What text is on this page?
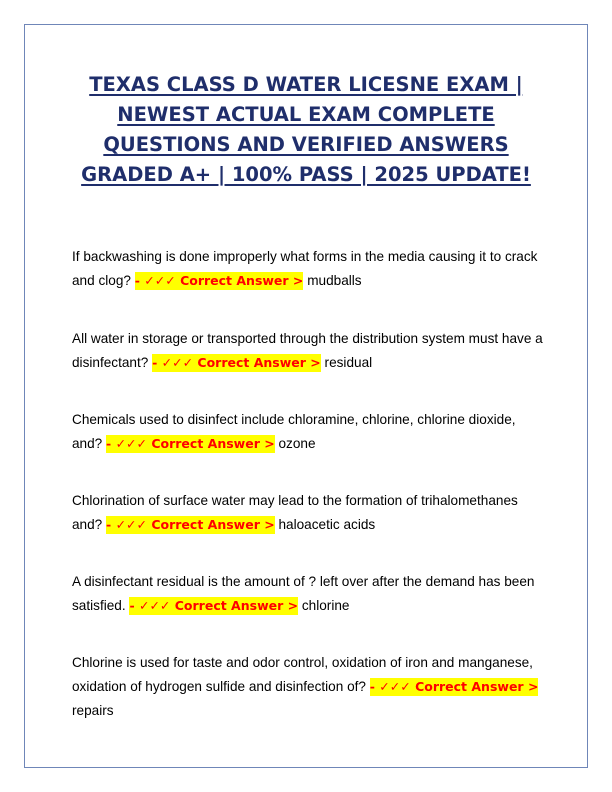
TEXAS CLASS D WATER LICESNE EXAM | NEWEST ACTUAL EXAM COMPLETE QUESTIONS AND VERIFIED ANSWERS GRADED A+ | 100% PASS | 2025 UPDATE!

If backwashing is done improperly what forms in the media causing it to crack and clog? - ✓✓✓ Correct Answer > mudballs

All water in storage or transported through the distribution system must have a disinfectant? - ✓✓✓ Correct Answer > residual

Chemicals used to disinfect include chloramine, chlorine, chlorine dioxide, and? - ✓✓✓ Correct Answer > ozone

Chlorination of surface water may lead to the formation of trihalomethanes and? - ✓✓✓ Correct Answer > haloacetic acids

A disinfectant residual is the amount of ? left over after the demand has been satisfied. - ✓✓✓ Correct Answer > chlorine

Chlorine is used for taste and odor control, oxidation of iron and manganese, oxidation of hydrogen sulfide and disinfection of? - ✓✓✓ Correct Answer > repairs
